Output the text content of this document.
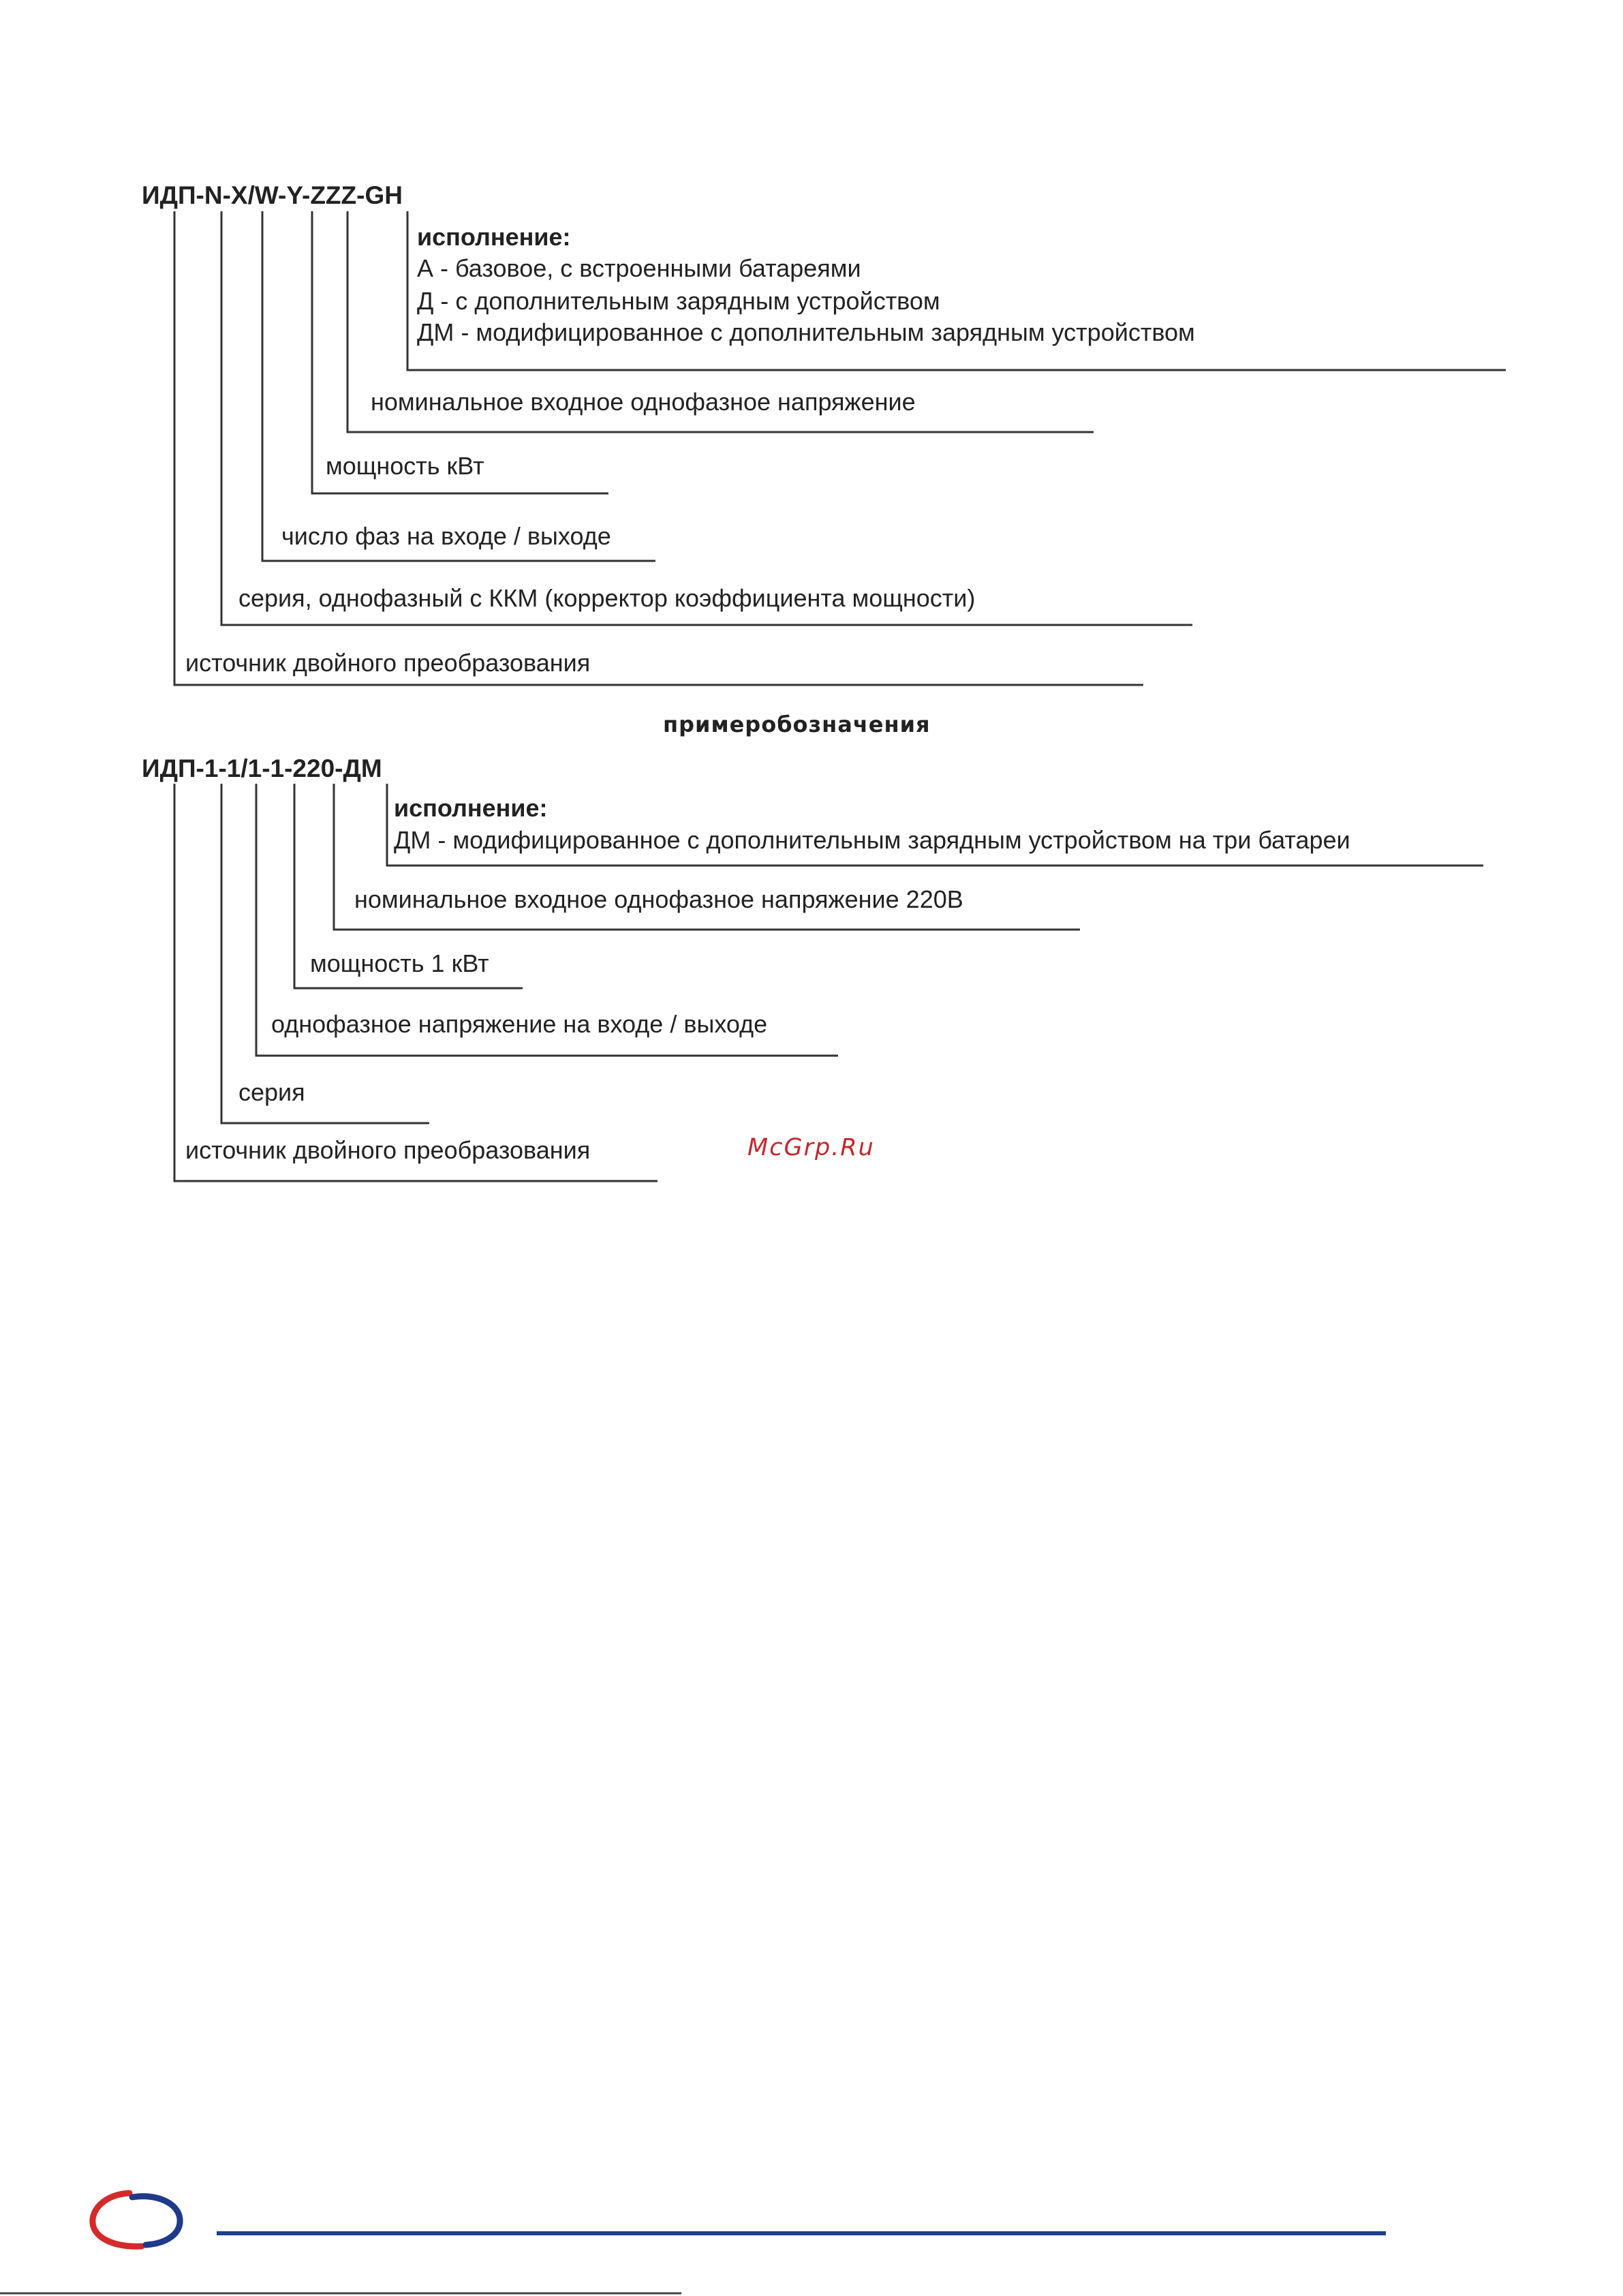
ИДП-N-X/W-Y-ZZZ-GH
исполнение:
А - базовое, с встроенными батареями
Д - с дополнительным зарядным устройством
ДМ - модифицированное с дополнительным зарядным устройством
номинальное входное однофазное напряжение
мощность кВт
число фаз на входе / выходе
серия, однофазный с ККМ (корректор коэффициента мощности)
источник двойного преобразования
примеробозначения
ИДП-1-1/1-1-220-ДМ
исполнение:
ДМ - модифицированное с дополнительным зарядным устройством на три батареи
номинальное входное однофазное напряжение 220В
мощность 1 кВт
однофазное напряжение на входе / выходе
серия
источник двойного преобразования	McGrp.Ru
